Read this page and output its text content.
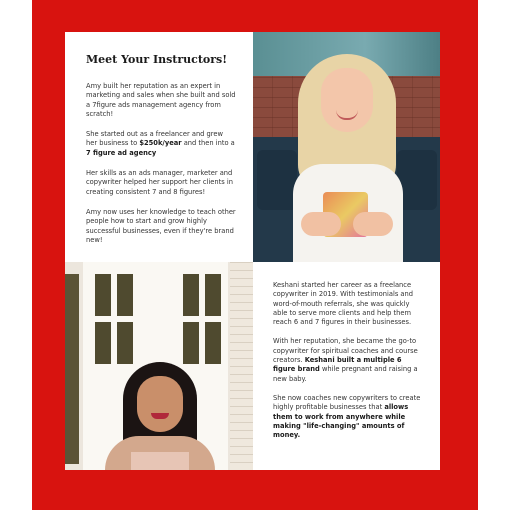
Meet Your Instructors!

Amy built her reputation as an expert in marketing and sales when she built and sold a 7figure ads management agency from scratch!

She started out as a freelancer and grew her business to $250k/year and then into a 7 figure ad agency

Her skills as an ads manager, marketer and copywriter helped her support her clients in creating consistent 7 and 8 figures!

Amy now uses her knowledge to teach other people how to start and grow highly successful businesses, even if they're brand new!

Keshani started her career as a freelance copywriter in 2019. With testimonials and word-of-mouth referrals, she was quickly able to serve more clients and help them reach 6 and 7 figures in their businesses.

With her reputation, she became the go-to copywriter for spiritual coaches and course creators. Keshani built a multiple 6 figure brand while pregnant and raising a new baby.

She now coaches new copywriters to create highly profitable businesses that allows them to work from anywhere while making "life-changing" amounts of money.
